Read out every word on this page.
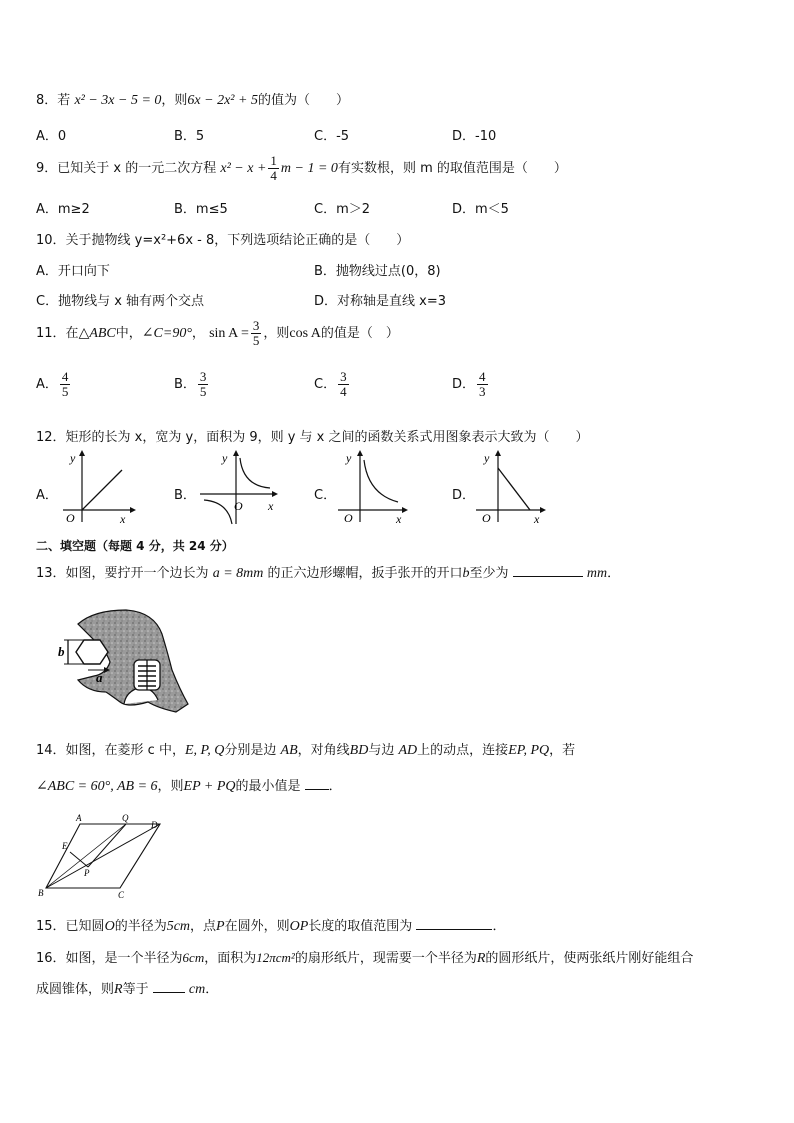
8．若 x² − 3x − 5 = 0，则6x − 2x² + 5的值为（　　）
A．0	B．5	C．-5	D．-10
9．已知关于 x 的一元二次方程 $x^2 - x + \frac{1}{4}$ m − 1 = 0有实数根，则 m 的取值范围是（　　）
A．m≥2	B．m≤5	C．m＞2	D．m＜5
10．关于抛物线 y=x²+6x - 8，下列选项结论正确的是（　　）
A．开口向下	B．抛物线过点(0，8)
C．抛物线与 x 轴有两个交点	D．对称轴是直线 x=3
11．在△ABC中，∠C=90°， $\sin A = \frac{3}{5}$ ，则cos A的值是（　）
A． $\frac{4}{5}$	B． $\frac{3}{5}$	C． $\frac{3}{4}$	D． $\frac{4}{3}$
12．矩形的长为 x，宽为 y，面积为 9，则 y 与 x 之间的函数关系式用图象表示大致为（　　）
A．
y
x
O
B．
y
x
O
C．
y
x
O
D．
y
x
O
二、填空题（每题 4 分，共 24 分）
13．如图，要拧开一个边长为 a = 8mm 的正六边形螺帽，扳手张开的开口b至少为	mm．
b
a
14．如图，在菱形 c 中，E, P, Q分别是边 AB，对角线BD与边 AD上的动点，连接EP, PQ，若
∠ABC = 60°, AB = 6，则EP + PQ的最小值是 ．
A	Q
D
E
P
B	C
15．已知圆O的半径为5cm，点P在圆外，则OP长度的取值范围为	．
16．如图，是一个半径为6cm，面积为12πcm²的扇形纸片，现需要一个半径为R的圆形纸片，使两张纸片刚好能组合
成圆锥体，则R等于	cm．
